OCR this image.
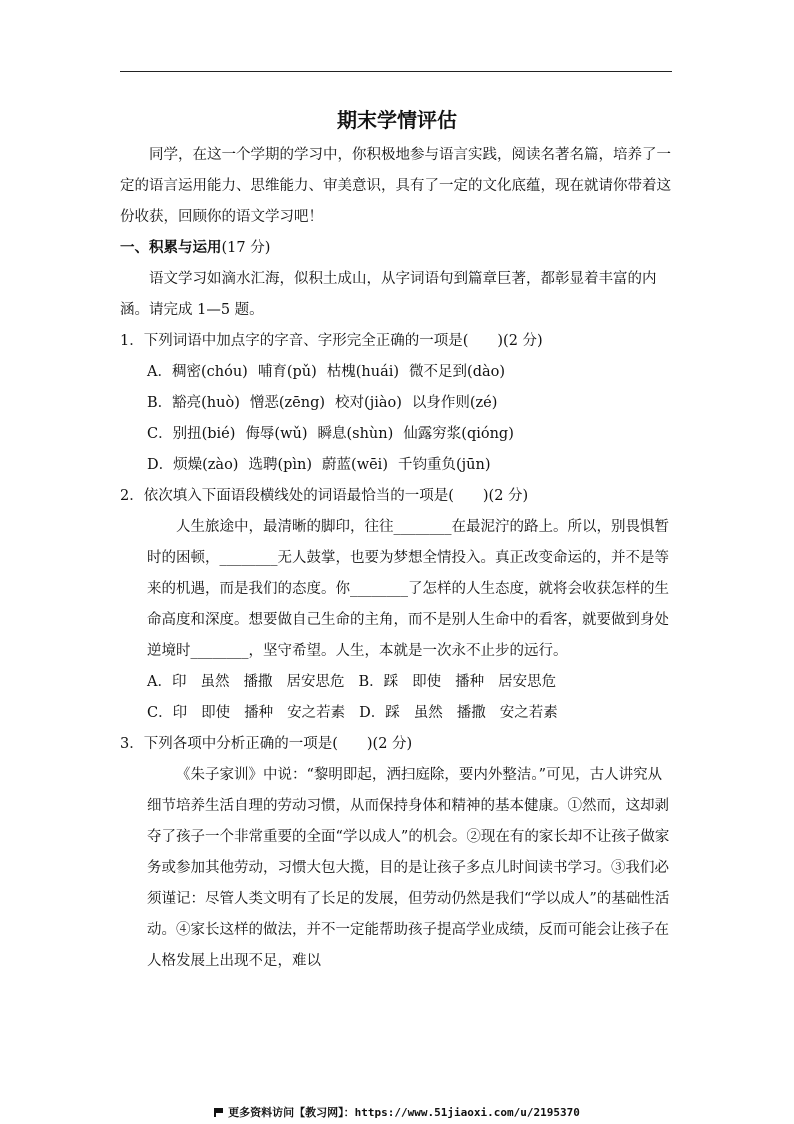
期末学情评估

同学，在这一个学期的学习中，你积极地参与语言实践，阅读名著名篇，培养了一定的语言运用能力、思维能力、审美意识，具有了一定的文化底蕴，现在就请你带着这份收获，回顾你的语文学习吧！

一、积累与运用(17 分)

语文学习如滴水汇海，似积土成山，从字词语句到篇章巨著，都彰显着丰富的内涵。请完成 1—5 题。

1．下列词语中加点字的字音、字形完全正确的一项是(　　)(2 分)

A．稠密(chóu) 哺育(pǔ) 枯槐(huái) 微不足到(dào)

B．豁亮(huò) 憎恶(zēng) 校对(jiào) 以身作则(zé)

C．别扭(bié) 侮辱(wǔ) 瞬息(shùn) 仙露穷浆(qióng)

D．烦燥(zào) 选聘(pìn) 蔚蓝(wēi) 千钧重负(jūn)

2．依次填入下面语段横线处的词语最恰当的一项是(　　)(2 分)

人生旅途中，最清晰的脚印，往往________在最泥泞的路上。所以，别畏惧暂时的困顿，________无人鼓掌，也要为梦想全情投入。真正改变命运的，并不是等来的机遇，而是我们的态度。你________了怎样的人生态度，就将会收获怎样的生命高度和深度。想要做自己生命的主角，而不是别人生命中的看客，就要做到身处逆境时________，坚守希望。人生，本就是一次永不止步的远行。

A．印 虽然 播撒 居安思危 B．踩 即使 播种 居安思危

C．印 即使 播种 安之若素 D．踩 虽然 播撒 安之若素

3．下列各项中分析正确的一项是(　　)(2 分)

《朱子家训》中说：“黎明即起，洒扫庭除，要内外整洁。”可见，古人讲究从细节培养生活自理的劳动习惯，从而保持身体和精神的基本健康。①然而，这却剥夺了孩子一个非常重要的全面“学以成人”的机会。②现在有的家长却不让孩子做家务或参加其他劳动，习惯大包大揽，目的是让孩子多点儿时间读书学习。③我们必须谨记：尽管人类文明有了长足的发展，但劳动仍然是我们“学以成人”的基础性活动。④家长这样的做法，并不一定能帮助孩子提高学业成绩，反而可能会让孩子在人格发展上出现不足，难以

更多资料访问【教习网】：https://www.51jiaoxi.com/u/2195370
